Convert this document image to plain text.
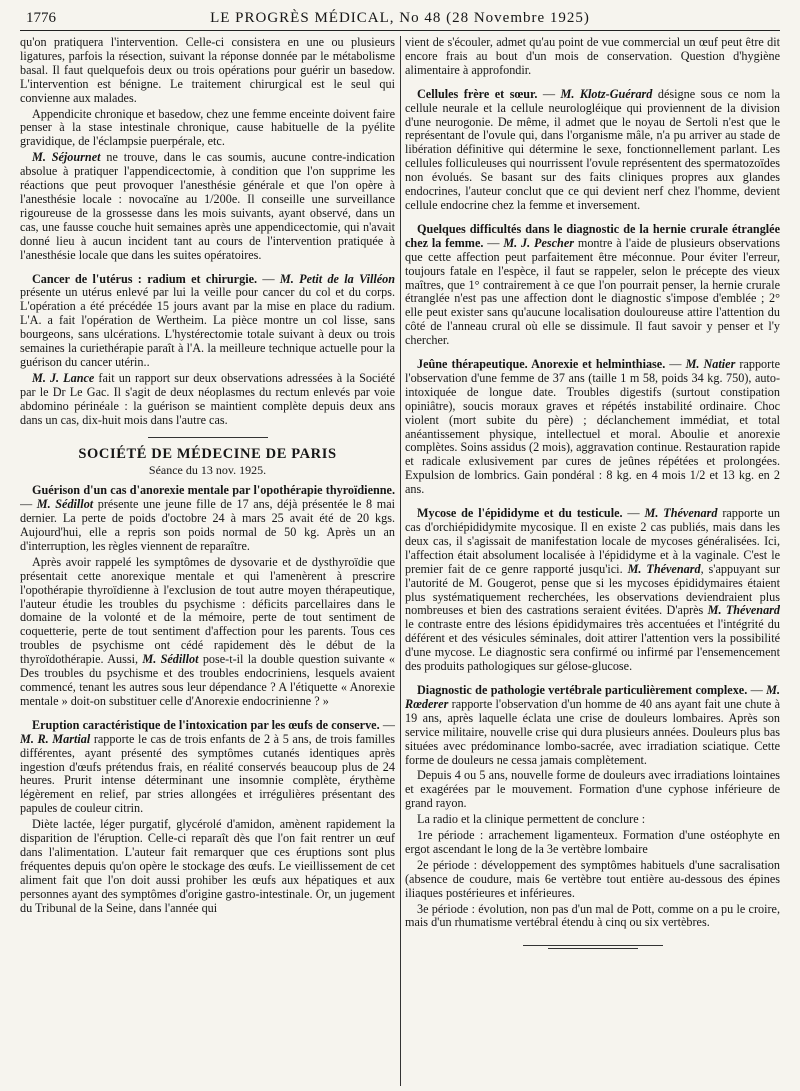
1776	LE PROGRÈS MÉDICAL, No 48 (28 Novembre 1925)

qu'on pratiquera l'intervention. Celle-ci consistera en une ou plusieurs ligatures, parfois la résection, suivant la réponse donnée par le métabolisme basal. Il faut quelquefois deux ou trois opérations pour guérir un basedow. L'intervention est bénigne. Le traitement chirurgical est le seul qui convienne aux malades.

Appendicite chronique et basedow, chez une femme enceinte doivent faire penser à la stase intestinale chronique, cause habituelle de la pyélite gravidique, de l'éclampsie puerpérale, etc.

M. Séjournet ne trouve, dans le cas soumis, aucune contre-indication absolue à pratiquer l'appendicectomie, à condition que l'on supprime les réactions que peut provoquer l'anesthésie générale et que l'on opère à l'anesthésie locale : novocaïne au 1/200e. Il conseille une surveillance rigoureuse de la grossesse dans les mois suivants, ayant observé, dans un cas, une fausse couche huit semaines après une appendicectomie, qui n'avait donné lieu à aucun incident tant au cours de l'intervention pratiquée à l'anesthésie locale que dans les suites opératoires.

Cancer de l'utérus : radium et chirurgie. — M. Petit de la Villéon présente un utérus enlevé par lui la veille pour cancer du col et du corps. L'opération a été précédée 15 jours avant par la mise en place du radium. L'A. a fait l'opération de Wertheim. La pièce montre un col lisse, sans bourgeons, sans ulcérations. L'hystérectomie totale suivant à deux ou trois semaines la curiethérapie paraît à l'A. la meilleure technique actuelle pour la guérison du cancer utérin..

M. J. Lance fait un rapport sur deux observations adressées à la Société par le Dr Le Gac. Il s'agit de deux néoplasmes du rectum enlevés par voie abdomino périnéale : la guérison se maintient complète depuis deux ans dans un cas, dix-huit mois dans l'autre cas.

SOCIÉTÉ DE MÉDECINE DE PARIS
Séance du 13 nov. 1925.

Guérison d'un cas d'anorexie mentale par l'opothérapie thyroïdienne. — M. Sédillot présente une jeune fille de 17 ans, déjà présentée le 8 mai dernier. La perte de poids d'octobre 24 à mars 25 avait été de 20 kgs. Aujourd'hui, elle a repris son poids normal de 50 kg. Après un an d'interruption, les règles viennent de reparaître.

Après avoir rappelé les symptômes de dysovarie et de dysthyroïdie que présentait cette anorexique mentale et qui l'amenèrent à prescrire l'opothérapie thyroïdienne à l'exclusion de tout autre moyen thérapeutique, l'auteur étudie les troubles du psychisme : déficits parcellaires dans le domaine de la volonté et de la mémoire, perte de tout sentiment de coquetterie, perte de tout sentiment d'affection pour les parents. Tous ces troubles de psychisme ont cédé rapidement dès le début de la thyroïdothérapie. Aussi, M. Sédillot pose-t-il la double question suivante « Des troubles du psychisme et des troubles endocriniens, lesquels avaient commencé, tenant les autres sous leur dépendance ? A l'étiquette « Anorexie mentale » doit-on substituer celle d'Anorexie endocrinienne ? »

Eruption caractéristique de l'intoxication par les œufs de conserve. — M. R. Martial rapporte le cas de trois enfants de 2 à 5 ans, de trois familles différentes, ayant présenté des symptômes cutanés identiques après ingestion d'œufs prétendus frais, en réalité conservés beaucoup plus de 24 heures. Prurit intense déterminant une insomnie complète, érythème légèrement en relief, par stries allongées et irrégulières présentant des papules de couleur citrin.

Diète lactée, léger purgatif, glycérolé d'amidon, amènent rapidement la disparition de l'éruption. Celle-ci reparaît dès que l'on fait rentrer un œuf dans l'alimentation. L'auteur fait remarquer que ces éruptions sont plus fréquentes depuis qu'on opère le stockage des œufs. Le vieillissement de cet aliment fait que l'on doit aussi prohiber les œufs aux hépatiques et aux personnes ayant des symptômes d'origine gastro-intestinale. Or, un jugement du Tribunal de la Seine, dans l'année qui

vient de s'écouler, admet qu'au point de vue commercial un œuf peut être dit encore frais au bout d'un mois de conservation. Question d'hygiène alimentaire à approfondir.

Cellules frère et sœur. — M. Klotz-Guérard désigne sous ce nom la cellule neurale et la cellule neurologléique qui proviennent de la division d'une neurogonie. De même, il admet que le noyau de Sertoli n'est que le représentant de l'ovule qui, dans l'organisme mâle, n'a pu arriver au stade de libération définitive qui détermine le sexe, fonctionnellement parlant. Les cellules folliculeuses qui nourrissent l'ovule représentent des spermatozoïdes non évolués. Se basant sur des faits cliniques propres aux glandes endocrines, l'auteur conclut que ce qui devient nerf chez l'homme, devient cellule endocrine chez la femme et inversement.

Quelques difficultés dans le diagnostic de la hernie crurale étranglée chez la femme. — M. J. Pescher montre à l'aide de plusieurs observations que cette affection peut parfaitement être méconnue. Pour éviter l'erreur, toujours fatale en l'espèce, il faut se rappeler, selon le précepte des vieux maîtres, que 1° contrairement à ce que l'on pourrait penser, la hernie crurale étranglée n'est pas une affection dont le diagnostic s'impose d'emblée ; 2° elle peut exister sans qu'aucune localisation douloureuse attire l'attention du côté de l'anneau crural où elle se dissimule. Il faut savoir y penser et l'y chercher.

Jeûne thérapeutique. Anorexie et helminthiase. — M. Natier rapporte l'observation d'une femme de 37 ans (taille 1 m 58, poids 34 kg. 750), auto-intoxiquée de longue date. Troubles digestifs (surtout constipation opiniâtre), soucis moraux graves et répétés instabilité ordinaire. Choc violent (mort subite du père) ; déclanchement immédiat, et total anéantissement physique, intellectuel et moral. Aboulie et anorexie complètes. Soins assidus (2 mois), aggravation continue. Restauration rapide et radicale exlusivement par cures de jeûnes répétées et prolongées. Expulsion de lombrics. Gain pondéral : 8 kg. en 4 mois 1/2 et 13 kg. en 2 ans.

Mycose de l'épididyme et du testicule. — M. Thévenard rapporte un cas d'orchiépididymite mycosique. Il en existe 2 cas publiés, mais dans les deux cas, il s'agissait de manifestation locale de mycoses généralisées. Ici, l'affection était absolument localisée à l'épididyme et à la vaginale. C'est le premier fait de ce genre rapporté jusqu'ici. M. Thévenard, s'appuyant sur l'autorité de M. Gougerot, pense que si les mycoses épididymaires étaient plus systématiquement recherchées, les observations deviendraient plus nombreuses et bien des castrations seraient évitées. D'après M. Thévenard le contraste entre des lésions épididymaires très accentuées et l'intégrité du déférent et des vésicules séminales, doit attirer l'attention vers la possibilité d'une mycose. Le diagnostic sera confirmé ou infirmé par l'ensemencement des produits pathologiques sur gélose-glucose.

Diagnostic de pathologie vertébrale particulièrement complexe. — M. Rœderer rapporte l'observation d'un homme de 40 ans ayant fait une chute à 19 ans, après laquelle éclata une crise de douleurs lombaires. Après son service militaire, nouvelle crise qui dura plusieurs années. Douleurs plus bas situées avec prédominance lombo-sacrée, avec irradiation sciatique. Cette forme de douleurs ne cessa jamais complètement.

Depuis 4 ou 5 ans, nouvelle forme de douleurs avec irradiations lointaines et exagérées par le mouvement. Formation d'une cyphose inférieure de grand rayon.

La radio et la clinique permettent de conclure :

1re période : arrachement ligamenteux. Formation d'une ostéophyte en ergot ascendant le long de la 3e vertèbre lombaire

2e période : développement des symptômes habituels d'une sacralisation (absence de coudure, mais 6e vertèbre tout entière au-dessous des épines iliaques postérieures et inférieures.

3e période : évolution, non pas d'un mal de Pott, comme on a pu le croire, mais d'un rhumatisme vertébral étendu à cinq ou six vertèbres.
